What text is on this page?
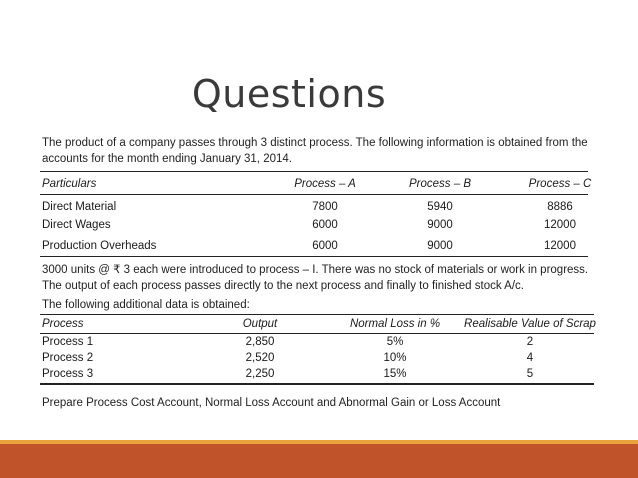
Questions
The product of a company passes through 3 distinct process. The following information is obtained from the accounts for the month ending January 31, 2014.
Particulars	Process – A	Process – B	Process – C
Direct Material	7800	5940	8886
Direct Wages	6000	9000	12000
Production Overheads	6000	9000	12000
3000 units @ ₹ 3 each were introduced to process – I. There was no stock of materials or work in progress. The output of each process passes directly to the next process and finally to finished stock A/c.
The following additional data is obtained:
Process	Output	Normal Loss in %	Realisable Value of Scrap
Process 1	2,850	5%	2
Process 2	2,520	10%	4
Process 3	2,250	15%	5
Prepare Process Cost Account, Normal Loss Account and Abnormal Gain or Loss Account
